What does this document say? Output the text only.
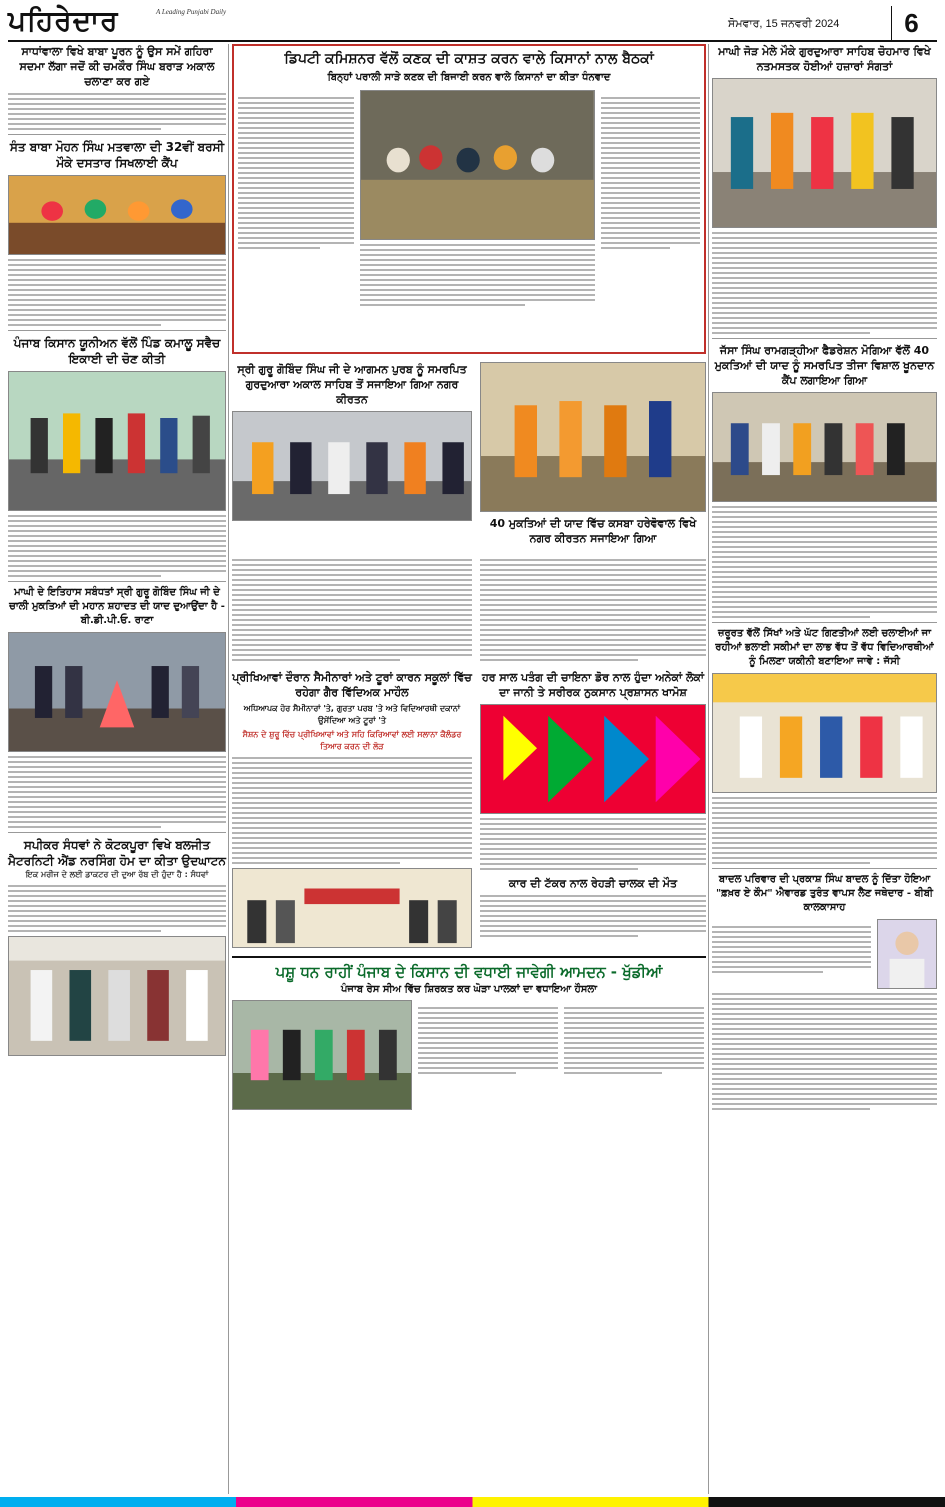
ਪਹਿਰੇਦਾਰ	A Leading Punjabi Daily
ਸੋਮਵਾਰ, 15 ਜਨਵਰੀ 2024	6
ਸਾਧਾਂਵਾਲਾ ਵਿਖੇ ਬਾਬਾ ਪੂਰਨ ਨੂੰ ਉਸ ਸਮੇਂ ਗਹਿਰਾ ਸਦਮਾ ਲੱਗਾ ਜਦੋਂ ਕੀ ਚਮਕੌਰ ਸਿੰਘ ਬਰਾੜ ਅਕਾਲ ਚਲਾਣਾ ਕਰ ਗਏ
ਸੰਤ ਬਾਬਾ ਮੋਹਨ ਸਿੰਘ ਮਤਵਾਲਾ ਦੀ 32ਵੀਂ ਬਰਸੀ ਮੌਕੇ ਦਸਤਾਰ ਸਿਖਲਾਈ ਕੈਂਪ
ਪੰਜਾਬ ਕਿਸਾਨ ਯੂਨੀਅਨ ਵੱਲੋਂ ਪਿੰਡ ਕਮਾਲੂ ਸਵੈਚ ਇਕਾਈ ਦੀ ਚੋਣ ਕੀਤੀ
ਮਾਘੀ ਦੇ ਇਤਿਹਾਸ ਸਬੰਧਤਾਂ ਸ੍ਰੀ ਗੁਰੂ ਗੋਬਿੰਦ ਸਿੰਘ ਜੀ ਦੇ ਚਾਲੀ ਮੁਕਤਿਆਂ ਦੀ ਮਹਾਨ ਸ਼ਹਾਦਤ ਦੀ ਯਾਦ ਦੁਆਉਂਦਾ ਹੈ - ਬੀ.ਡੀ.ਪੀ.ਓ. ਰਾਣਾ
ਸਪੀਕਰ ਸੰਧਵਾਂ ਨੇ ਕੋਟਕਪੂਰਾ ਵਿਖੇ ਬਲਜੀਤ ਮੈਟਰਨਿਟੀ ਐਂਡ ਨਰਸਿੰਗ ਹੋਮ ਦਾ ਕੀਤਾ ਉਦਘਾਟਨ
ਇਕ ਮਰੀਜ ਦੇ ਲਈ ਡਾਕਟਰ ਦੀ ਦੁਆ ਰੱਬ ਦੀ ਹੁੰਦਾ ਹੈ : ਸੰਧਵਾਂ
ਡਿਪਟੀ ਕਮਿਸ਼ਨਰ ਵੱਲੋਂ ਕਣਕ ਦੀ ਕਾਸ਼ਤ ਕਰਨ ਵਾਲੇ ਕਿਸਾਨਾਂ ਨਾਲ ਬੈਠਕਾਂ
ਬਿਨ੍ਹਾਂ ਪਰਾਲੀ ਸਾੜੇ ਕਣਕ ਦੀ ਬਿਜਾਈ ਕਰਨ ਵਾਲੇ ਕਿਸਾਨਾਂ ਦਾ ਕੀਤਾ ਧੰਨਵਾਦ
ਸ੍ਰੀ ਗੁਰੂ ਗੋਬਿੰਦ ਸਿੰਘ ਜੀ ਦੇ ਆਗਮਨ ਪੁਰਬ ਨੂੰ ਸਮਰਪਿਤ ਗੁਰਦੁਆਰਾ ਅਕਾਲ ਸਾਹਿਬ ਤੋਂ ਸਜਾਇਆ ਗਿਆ ਨਗਰ ਕੀਰਤਨ
40 ਮੁਕਤਿਆਂ ਦੀ ਯਾਦ ਵਿੱਚ ਕਸਬਾ ਹਰੇਵੋਵਾਲ ਵਿਖੇ ਨਗਰ ਕੀਰਤਨ ਸਜਾਇਆ ਗਿਆ
ਪ੍ਰੀਖਿਆਵਾਂ ਦੌਰਾਨ ਸੈਮੀਨਾਰਾਂ ਅਤੇ ਟੂਰਾਂ ਕਾਰਨ ਸਕੂਲਾਂ ਵਿੱਚ ਰਹੇਗਾ ਗੈਰ ਵਿੱਦਿਅਕ ਮਾਹੌਲ
ਅਧਿਆਪਕ ਹੋਰ ਸੈਮੀਨਾਰਾਂ 'ਤੇ, ਗੁਰਤਾ ਪਰਬ 'ਤੇ ਅਤੇ ਵਿਦਿਆਰਥੀ ਦਕਾਨਾਂ ਉਸੇਂਦਿਆ ਅਤੇ ਟੂਰਾਂ 'ਤੇ
ਸੈਸ਼ਨ ਦੇ ਸ਼ੁਰੂ ਵਿੱਚ ਪ੍ਰੀਖਿਆਵਾਂ ਅਤੇ ਸਹਿ ਕਿਰਿਆਵਾਂ ਲਈ ਸਲਾਨਾ ਕੈਲੰਡਰ ਤਿਆਰ ਕਰਨ ਦੀ ਲੋੜ
ਹਰ ਸਾਲ ਪਤੰਗ ਦੀ ਚਾਇਨਾ ਡੋਰ ਨਾਲ ਹੁੰਦਾ ਅਨੇਕਾਂ ਲੋਕਾਂ ਦਾ ਜਾਨੀ ਤੇ ਸਰੀਰਕ ਨੁਕਸਾਨ ਪ੍ਰਸ਼ਾਸਨ ਖਾਮੋਸ਼
ਕਾਰ ਦੀ ਟੱਕਰ ਨਾਲ ਰੇਹੜੀ ਚਾਲਕ ਦੀ ਮੌਤ
ਪਸ਼ੂ ਧਨ ਰਾਹੀਂ ਪੰਜਾਬ ਦੇ ਕਿਸਾਨ ਦੀ ਵਧਾਈ ਜਾਵੇਗੀ ਆਮਦਨ - ਖੁੱਡੀਆਂ
ਪੰਜਾਬ ਰੇਸ ਸੀਅ ਵਿੱਚ ਸ਼ਿਰਕਤ ਕਰ ਘੋੜਾ ਪਾਲਕਾਂ ਦਾ ਵਧਾਇਆ ਹੌਸਲਾ
ਮਾਘੀ ਜੋੜ ਮੇਲੇ ਮੌਕੇ ਗੁਰਦੁਆਰਾ ਸਾਹਿਬ ਚੋਹਮਾਰ ਵਿਖੇ ਨਤਮਸਤਕ ਹੋਈਆਂ ਹਜ਼ਾਰਾਂ ਸੰਗਤਾਂ
ਜੱਸਾ ਸਿੰਘ ਰਾਮਗੜ੍ਹੀਆ ਫੈਡਰੇਸ਼ਨ ਮੋਗਿਆ ਵੱਲੋਂ 40 ਮੁਕਤਿਆਂ ਦੀ ਯਾਦ ਨੂੰ ਸਮਰਪਿਤ ਤੀਜਾ ਵਿਸ਼ਾਲ ਖੂਨਦਾਨ ਕੈਂਪ ਲਗਾਇਆ ਗਿਆ
ਜ਼ਰੂਰਤ ਵੱਲੋਂ ਸਿੱਖਾਂ ਅਤੇ ਘੱਟ ਗਿਣਤੀਆਂ ਲਈ ਚਲਾਈਆਂ ਜਾ ਰਹੀਆਂ ਭਲਾਈ ਸਕੀਮਾਂ ਦਾ ਲਾਭ ਵੱਧ ਤੋਂ ਵੱਧ ਵਿਦਿਆਰਥੀਆਂ ਨੂੰ ਮਿਲਣਾ ਯਕੀਨੀ ਬਣਾਇਆ ਜਾਵੇ : ਜੱਸੀ
ਬਾਦਲ ਪਰਿਵਾਰ ਦੀ ਪ੍ਰਕਾਸ਼ ਸਿੰਘ ਬਾਦਲ ਨੂੰ ਦਿੱਤਾ ਹੋਇਆ "ਫ਼ਖ਼ਰ ਏ ਕੌਮ" ਐਵਾਰਡ ਤੁਰੰਤ ਵਾਪਸ ਲੈਣ ਜਥੇਦਾਰ - ਬੀਬੀ ਕਾਲਕਾਸਾਹ
